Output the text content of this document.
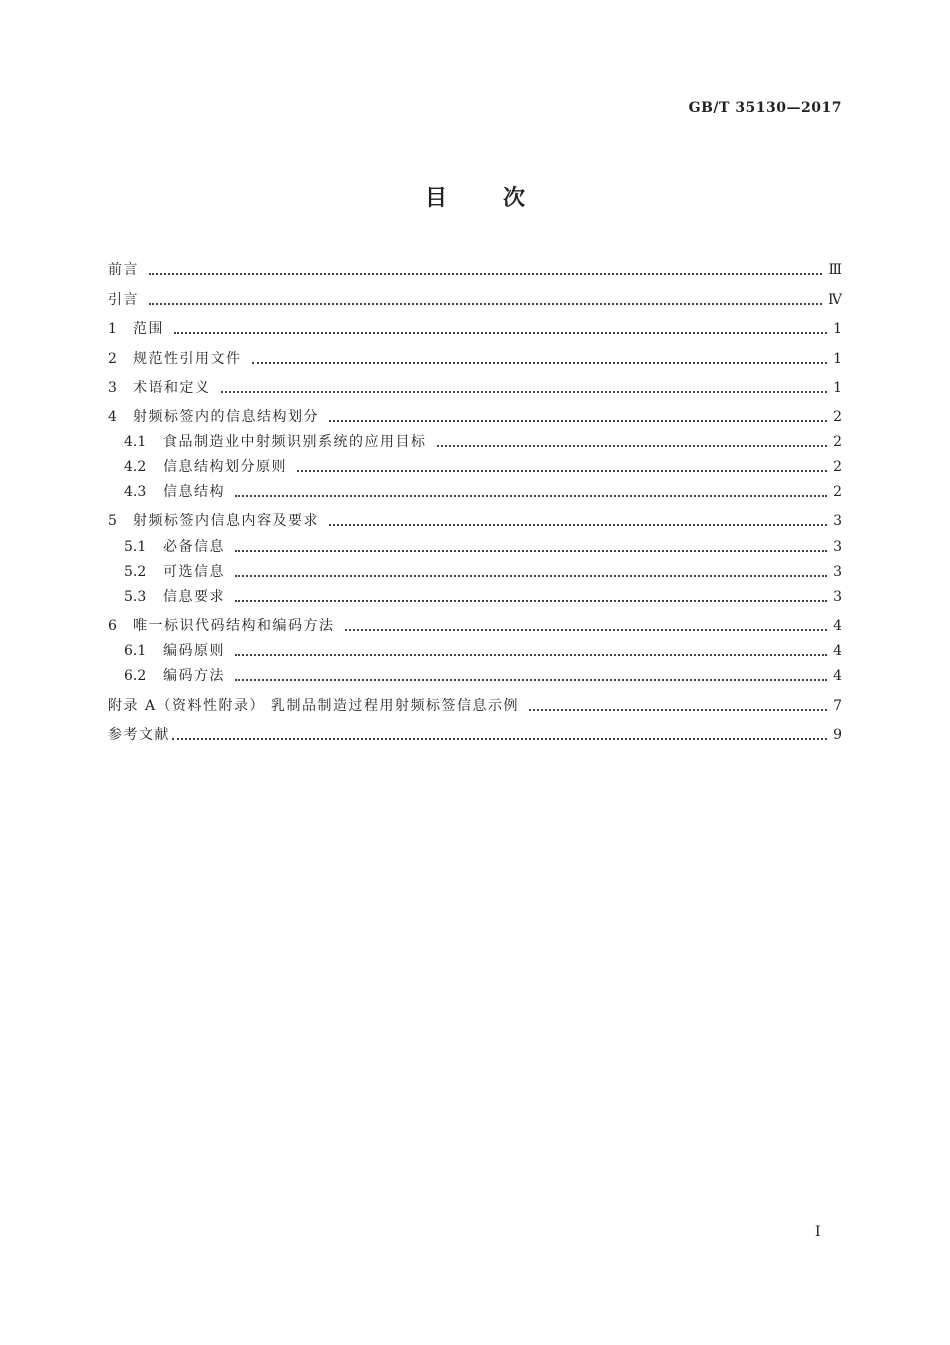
GB/T 35130—2017
目	次
前言	Ⅲ
引言	Ⅳ
1	范围	1
2	规范性引用文件	1
3	术语和定义	1
4	射频标签内的信息结构划分	2
4.1	食品制造业中射频识别系统的应用目标	2
4.2	信息结构划分原则	2
4.3	信息结构	2
5	射频标签内信息内容及要求	3
5.1	必备信息	3
5.2	可选信息	3
5.3	信息要求	3
6	唯一标识代码结构和编码方法	4
6.1	编码原则	4
6.2	编码方法	4
附录 A（资料性附录） 乳制品制造过程用射频标签信息示例	7
参考文献	9
I
